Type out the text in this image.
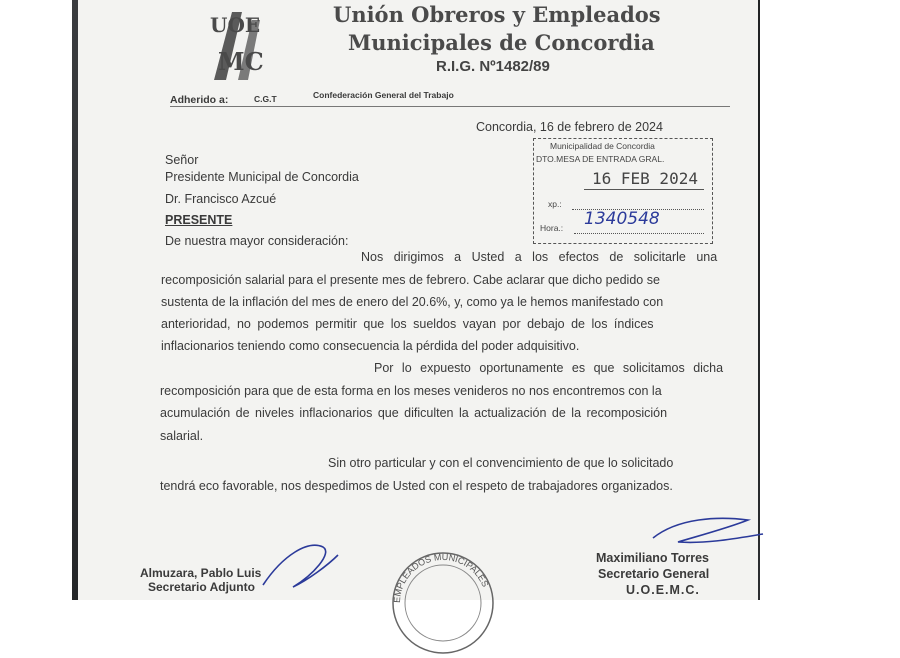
UOE
MC
Unión Obreros y Empleados
Municipales de Concordia
R.I.G. Nº1482/89
Adherido a:	C.G.T	Confederación General del Trabajo
Concordia, 16 de febrero de 2024
Señor
Presidente Municipal de Concordia
Dr. Francisco Azcué
PRESENTE
De nuestra mayor consideración:
Municipalidad de Concordia
DTO.MESA DE ENTRADA GRAL.
16 FEB 2024
xp.:
Hora.: 1340548
Nos dirigimos a Usted a los efectos de solicitarle una
recomposición salarial para el presente mes de febrero. Cabe aclarar que dicho pedido se
sustenta de la inflación del mes de enero del 20.6%, y, como ya le hemos manifestado con
anterioridad, no podemos permitir que los sueldos vayan por debajo de los índices
inflacionarios teniendo como consecuencia la pérdida del poder adquisitivo.
Por lo expuesto oportunamente es que solicitamos dicha
recomposición para que de esta forma en los meses venideros no nos encontremos con la
acumulación de niveles inflacionarios que dificulten la actualización de la recomposición
salarial.
Sin otro particular y con el convencimiento de que lo solicitado
tendrá eco favorable, nos despedimos de Usted con el respeto de trabajadores organizados.
Almuzara, Pablo Luis
Secretario Adjunto
Maximiliano Torres
Secretario General
U.O.E.M.C.
EMPLEADOS MUNICIPALES
